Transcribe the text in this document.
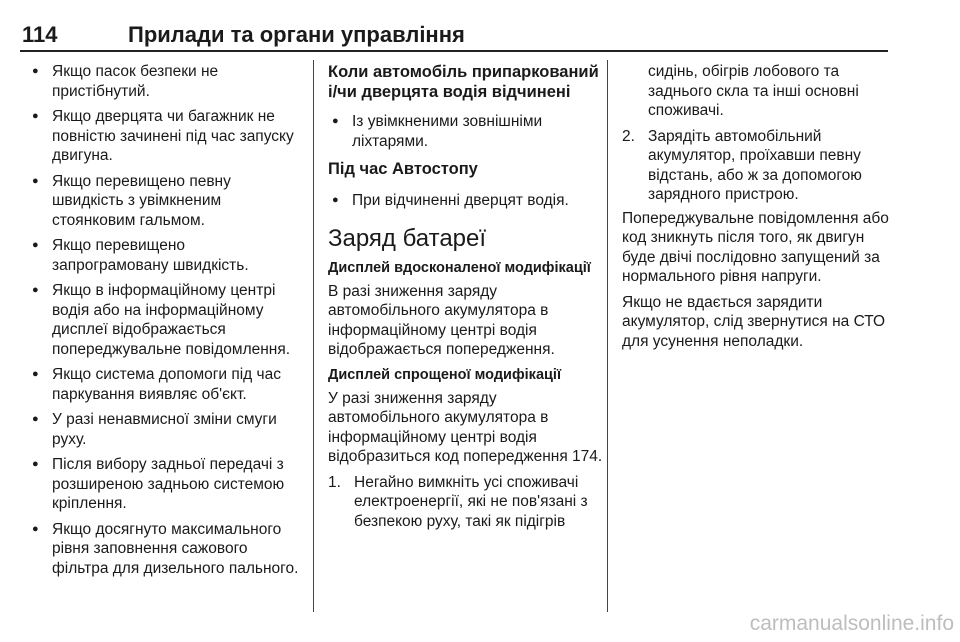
114	Прилади та органи управління
● Якщо пасок безпеки не пристібнутий.
● Якщо дверцята чи багажник не повністю зачинені під час запуску двигуна.
● Якщо перевищено певну швидкість з увімкненим стоянковим гальмом.
● Якщо перевищено запрограмовану швидкість.
● Якщо в інформаційному центрі водія або на інформаційному дисплеї відображається попереджувальне повідомлення.
● Якщо система допомоги під час паркування виявляє об'єкт.
● У разі ненавмисної зміни смуги руху.
● Після вибору задньої передачі з розширеною задньою системою кріплення.
● Якщо досягнуто максимального рівня заповнення сажового фільтра для дизельного пального.
Коли автомобіль припаркований і/чи дверцята водія відчинені
● Із увімкненими зовнішніми ліхтарями.
Під час Автостопу
● При відчиненні дверцят водія.
Заряд батареї
Дисплей вдосконаленої модифікації

В разі зниження заряду автомобільного акумулятора в інформаційному центрі водія відображається попередження.

Дисплей спрощеної модифікації

У разі зниження заряду автомобільного акумулятора в інформаційному центрі водія відобразиться код попередження 174.

1. Негайно вимкніть усі споживачі електроенергії, які не пов'язані з безпекою руху, такі як підігрів

сидінь, обігрів лобового та заднього скла та інші основні споживачі.

2. Зарядіть автомобільний акумулятор, проїхавши певну відстань, або ж за допомогою зарядного пристрою.

Попереджувальне повідомлення або код зникнуть після того, як двигун буде двічі послідовно запущений за нормального рівня напруги.

Якщо не вдається зарядити акумулятор, слід звернутися на СТО для усунення неполадки.

carmanualsonline.info
